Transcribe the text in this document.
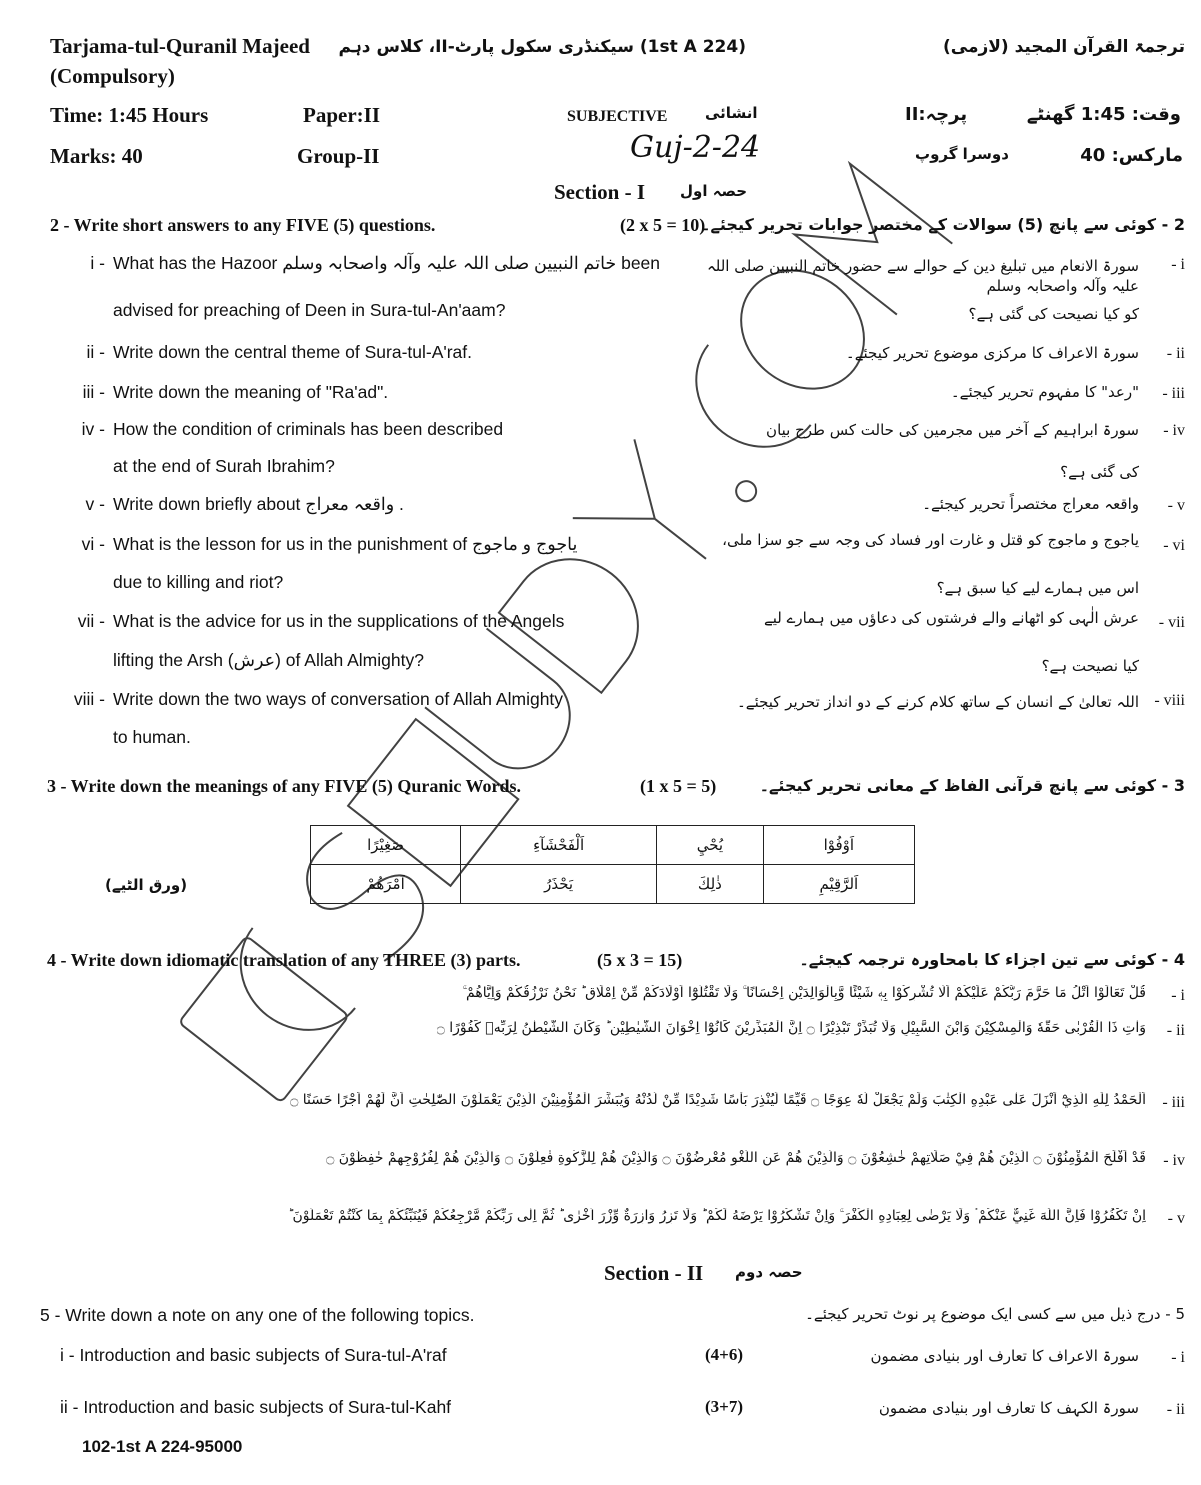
Tarjama-tul-Quranil Majeed
(Compulsory)
ترجمۃ القرآن المجید (لازمی)
(1st A 224) سیکنڈری سکول پارٹ-II، کلاس دہم
Time: 1:45 Hours	Paper:II	SUBJECTIVE	انشائی	وقت: 1:45 گھنٹے
پرچہ:II
Marks: 40	Group-II	Guj-2-24	دوسرا گروپ	مارکس: 40
Section - I حصہ اول
2 - Write short answers to any FIVE (5) questions.	(2 x 5 = 10)
2 - کوئی سے پانچ (5) سوالات کے مختصر جوابات تحریر کیجئے۔
i - What has the Hazoor خاتم النبیین صلی اللہ علیہ وآلہ واصحابہ وسلم been
advised for preaching of Deen in Sura-tul-An'aam?
سورۃ الانعام میں تبلیغ دین کے حوالے سے حضور خاتم النبیین صلی اللہ علیہ وآلہ واصحابہ وسلم
کو کیا نصیحت کی گئی ہے؟
- i
ii - Write down the central theme of Sura-tul-A'raf.	سورۃ الاعراف کا مرکزی موضوع تحریر کیجئے۔ - ii
iii - Write down the meaning of "Ra'ad".	"رعد" کا مفہوم تحریر کیجئے۔ - iii
iv - How the condition of criminals has been described
at the end of Surah Ibrahim?
سورۃ ابراہیم کے آخر میں مجرمین کی حالت کس طرح بیان
کی گئی ہے؟
- iv
v - Write down briefly about واقعہ معراج .	واقعہ معراج مختصراً تحریر کیجئے۔ - v
vi - What is the lesson for us in the punishment of یاجوج و ماجوج
due to killing and riot?
یاجوج و ماجوج کو قتل و غارت اور فساد کی وجہ سے جو سزا ملی،
اس میں ہمارے لیے کیا سبق ہے؟
- vi
vii - What is the advice for us in the supplications of the Angels
lifting the Arsh (عرش) of Allah Almighty?
عرش الٰہی کو اٹھانے والے فرشتوں کی دعاؤں میں ہمارے لیے
کیا نصیحت ہے؟
- vii
viii - Write down the two ways of conversation of Allah Almighty
to human.
اللہ تعالیٰ کے انسان کے ساتھ کلام کرنے کے دو انداز تحریر کیجئے۔ - viii
3 - Write down the meanings of any FIVE (5) Quranic Words.	(1 x 5 = 5)	3 - کوئی سے پانچ قرآنی الفاظ کے معانی تحریر کیجئے۔
صَغِيْرًا	اَلْفَحْشَآءِ	يُحْيِ	اَوْفُوْا
اَمْرَهُمْ	يَحْذَرُ	ذٰلِكَ	اَلرَّقِيْمِ
(ورق الٹیے)
4 - Write down idiomatic translation of any THREE (3) parts.	(5 x 3 = 15)	4 - کوئی سے تین اجزاء کا بامحاورہ ترجمہ کیجئے۔
قُلْ تَعَالَوْا اَتْلُ مَا حَرَّمَ رَبُّكُمْ عَلَيْكُمْ اَلَّا تُشْرِكُوْا بِهٖ شَيْئًا وَّبِالْوَالِدَيْنِ اِحْسَانًا ۚ وَلَا تَقْتُلُوْٓا اَوْلَادَكُمْ مِّنْ اِمْلَاقٍ ؕ نَحْنُ نَرْزُقُكُمْ وَاِيَّاهُمْ ۚ - i
وَاٰتِ ذَا الْقُرْبٰى حَقَّهٗ وَالْمِسْكِيْنَ وَابْنَ السَّبِيْلِ وَلَا تُبَذِّرْ تَبْذِيْرًا ۝ اِنَّ الْمُبَذِّرِيْنَ كَانُوْٓا اِخْوَانَ الشَّيٰطِيْنِ ؕ وَكَانَ الشَّيْطٰنُ لِرَبِّهٖ كَفُوْرًا ۝ - ii
اَلْحَمْدُ لِلّٰهِ الَّذِيْٓ اَنْزَلَ عَلٰى عَبْدِهِ الْكِتٰبَ وَلَمْ يَجْعَلْ لَّهٗ عِوَجًا ۝ قَيِّمًا لِّيُنْذِرَ بَاْسًا شَدِيْدًا مِّنْ لَّدُنْهُ وَيُبَشِّرَ الْمُؤْمِنِيْنَ الَّذِيْنَ يَعْمَلُوْنَ الصّٰلِحٰتِ اَنَّ لَهُمْ اَجْرًا حَسَنًا ۝ - iii
قَدْ اَفْلَحَ الْمُؤْمِنُوْنَ ۝ الَّذِيْنَ هُمْ فِيْ صَلَاتِهِمْ خٰشِعُوْنَ ۝ وَالَّذِيْنَ هُمْ عَنِ اللَّغْوِ مُعْرِضُوْنَ ۝ وَالَّذِيْنَ هُمْ لِلزَّكٰوةِ فٰعِلُوْنَ ۝ وَالَّذِيْنَ هُمْ لِفُرُوْجِهِمْ حٰفِظُوْنَ ۝ - iv
اِنْ تَكْفُرُوْا فَاِنَّ اللّٰهَ غَنِيٌّ عَنْكُمْ ۟ وَلَا يَرْضٰى لِعِبَادِهِ الْكُفْرَ ۚ وَاِنْ تَشْكُرُوْا يَرْضَهُ لَكُمْ ؕ وَلَا تَزِرُ وَازِرَةٌ وِّزْرَ اُخْرٰى ؕ ثُمَّ اِلٰى رَبِّكُمْ مَّرْجِعُكُمْ فَيُنَبِّئُكُمْ بِمَا كُنْتُمْ تَعْمَلُوْنَ ؕ - v
Section - II حصہ دوم
5 - Write down a note on any one of the following topics.	5 - درج ذیل میں سے کسی ایک موضوع پر نوٹ تحریر کیجئے۔
i - Introduction and basic subjects of Sura-tul-A'raf	(4+6)	سورۃ الاعراف کا تعارف اور بنیادی مضمون - i
ii - Introduction and basic subjects of Sura-tul-Kahf	(3+7)	سورۃ الکہف کا تعارف اور بنیادی مضمون - ii
102-1st A 224-95000
